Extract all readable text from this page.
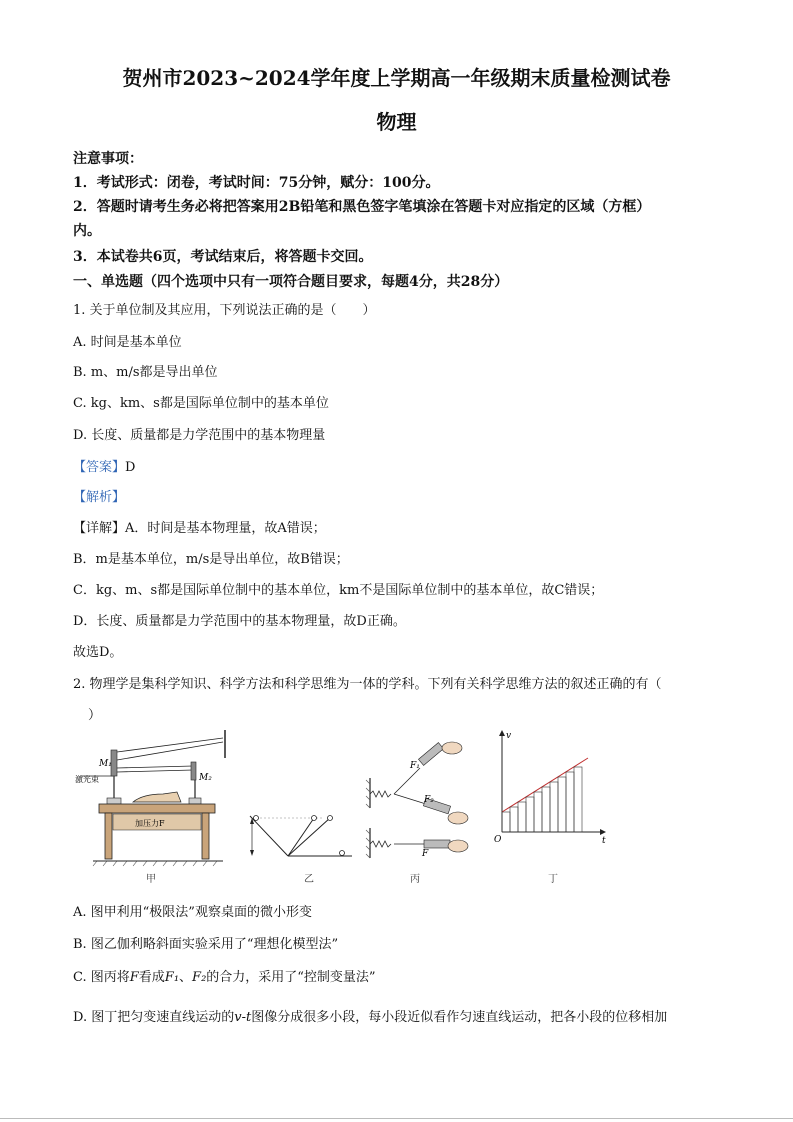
贺州市2023~2024学年度上学期高一年级期末质量检测试卷
物理
注意事项：
1．考试形式：闭卷，考试时间：75分钟，赋分：100分。
2．答题时请考生务必将把答案用2B铅笔和黑色签字笔填涂在答题卡对应指定的区域（方框）
内。
3．本试卷共6页，考试结束后，将答题卡交回。
一、单选题（四个选项中只有一项符合题目要求，每题4分，共28分）
1. 关于单位制及其应用，下列说法正确的是（　　）
A. 时间是基本单位
B. m、m/s都是导出单位
C. kg、km、s都是国际单位制中的基本单位
D. 长度、质量都是力学范围中的基本物理量
【答案】D
【解析】
【详解】A．时间是基本物理量，故A错误；
B．m是基本单位，m/s是导出单位，故B错误；
C．kg、m、s都是国际单位制中的基本单位，km不是国际单位制中的基本单位，故C错误；
D．长度、质量都是力学范围中的基本物理量，故D正确。
故选D。
2. 物理学是集科学知识、科学方法和科学思维为一体的学科。下列有关科学思维方法的叙述正确的有（
）
M₁
M₂
激光束
加压力F
甲	乙
F₁
F₂
F
丙
v
t
O
丁
A. 图甲利用“极限法”观察桌面的微小形变
B. 图乙伽利略斜面实验采用了“理想化模型法”
C. 图丙将F看成F₁、F₂的合力，采用了“控制变量法”
D. 图丁把匀变速直线运动的v-t图像分成很多小段，每小段近似看作匀速直线运动，把各小段的位移相加
